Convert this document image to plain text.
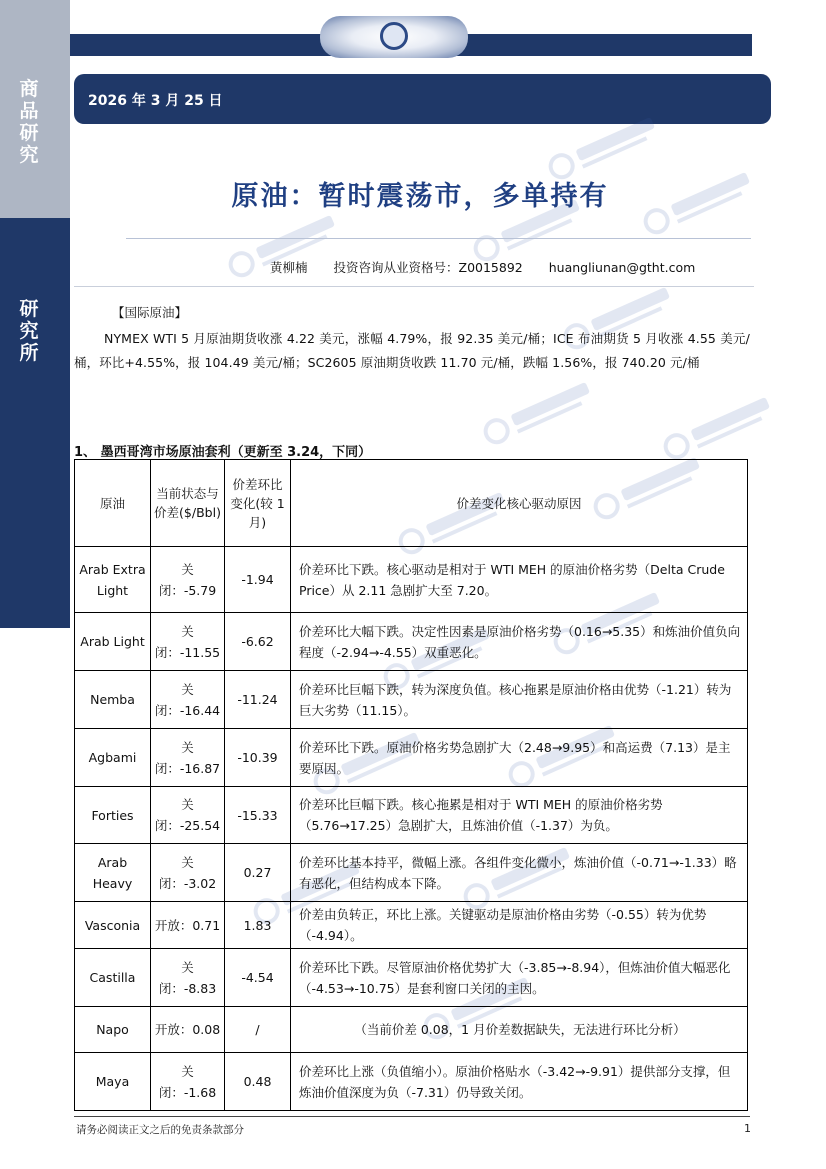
商品研究
研究所
2026 年 3 月 25 日
原油：暂时震荡市，多单持有
黄柳楠 投资咨询从业资格号：Z0015892 huangliunan@gtht.com
【国际原油】
NYMEX WTI 5 月原油期货收涨 4.22 美元，涨幅 4.79%，报 92.35 美元/桶；ICE 布油期货 5 月收涨 4.55 美元/桶，环比+4.55%，报 104.49 美元/桶；SC2605 原油期货收跌 11.70 元/桶，跌幅 1.56%，报 740.20 元/桶
1、 墨西哥湾市场原油套利（更新至 3.24，下同）
原油	当前状态与价差($/Bbl)	价差环比变化(较 1 月)	价差变化核心驱动原因
Arab Extra Light	关闭：-5.79	-1.94	价差环比下跌。核心驱动是相对于 WTI MEH 的原油价格劣势（Delta Crude Price）从 2.11 急剧扩大至 7.20。
Arab Light	关闭：-11.55	-6.62	价差环比大幅下跌。决定性因素是原油价格劣势（0.16→5.35）和炼油价值负向程度（-2.94→-4.55）双重恶化。
Nemba	关闭：-16.44	-11.24	价差环比巨幅下跌，转为深度负值。核心拖累是原油价格由优势（-1.21）转为巨大劣势（11.15）。
Agbami	关闭：-16.87	-10.39	价差环比下跌。原油价格劣势急剧扩大（2.48→9.95）和高运费（7.13）是主要原因。
Forties	关闭：-25.54	-15.33	价差环比巨幅下跌。核心拖累是相对于 WTI MEH 的原油价格劣势（5.76→17.25）急剧扩大，且炼油价值（-1.37）为负。
Arab Heavy	关闭：-3.02	0.27	价差环比基本持平，微幅上涨。各组件变化微小，炼油价值（-0.71→-1.33）略有恶化，但结构成本下降。
Vasconia	开放：0.71	1.83	价差由负转正，环比上涨。关键驱动是原油价格由劣势（-0.55）转为优势（-4.94）。
Castilla	关闭：-8.83	-4.54	价差环比下跌。尽管原油价格优势扩大（-3.85→-8.94），但炼油价值大幅恶化（-4.53→-10.75）是套利窗口关闭的主因。
Napo	开放：0.08	/	（当前价差 0.08，1 月价差数据缺失，无法进行环比分析）
Maya	关闭：-1.68	0.48	价差环比上涨（负值缩小）。原油价格贴水（-3.42→-9.91）提供部分支撑，但炼油价值深度为负（-7.31）仍导致关闭。
请务必阅读正文之后的免责条款部分	1
